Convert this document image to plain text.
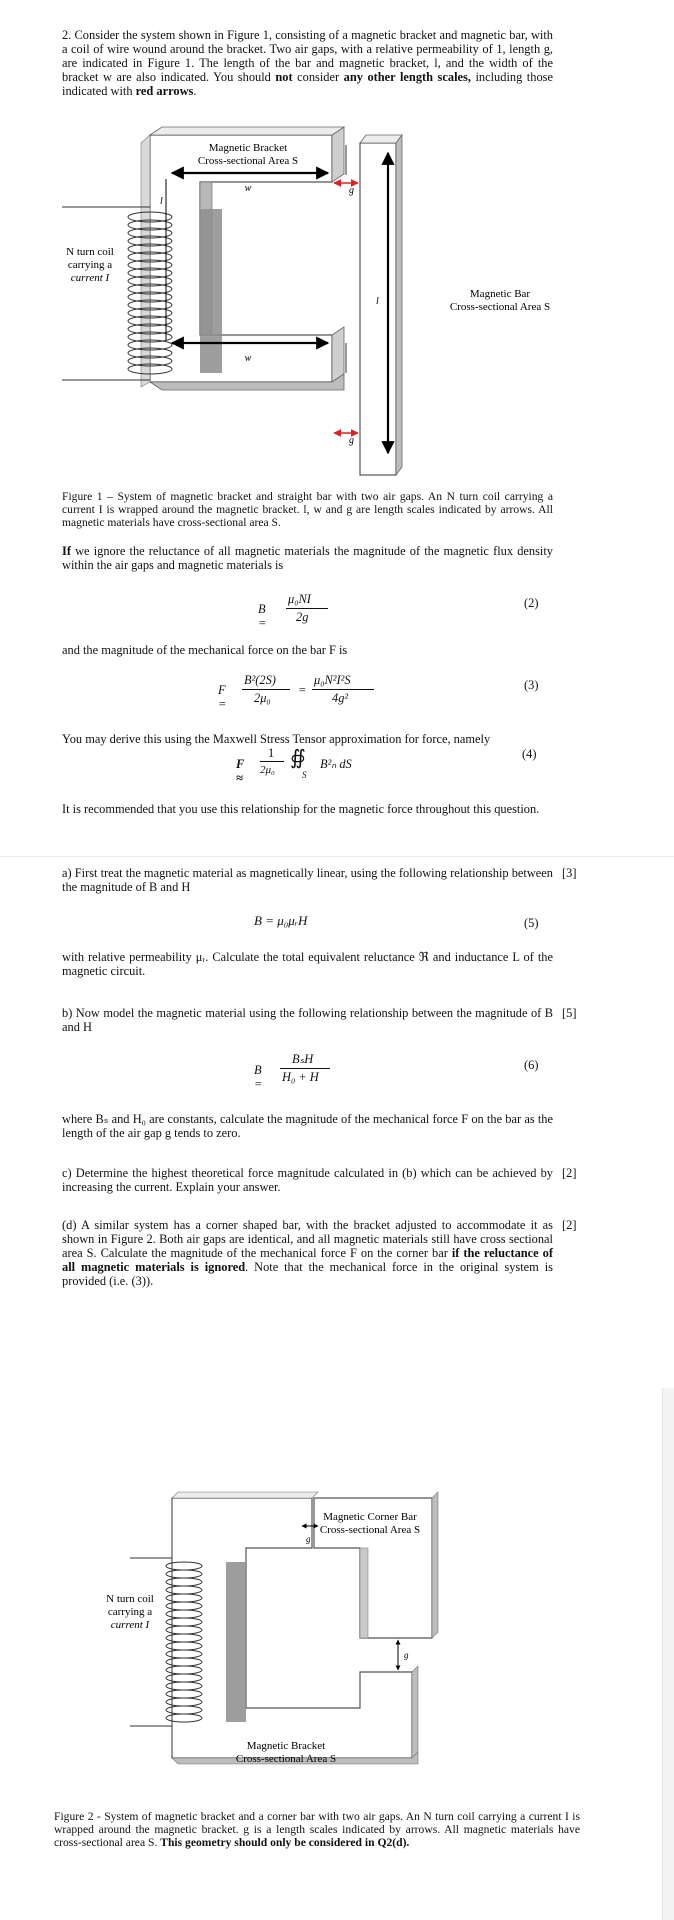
2. Consider the system shown in Figure 1, consisting of a magnetic bracket and magnetic bar, with a coil of wire wound around the bracket. Two air gaps, with a relative permeability of 1, length g, are indicated in Figure 1. The length of the bar and magnetic bracket, l, and the width of the bracket w are also indicated. You should not consider any other length scales, including those indicated with red arrows.
Magnetic Bracket
Cross-sectional Area S
w
w
g
g
l
l
Magnetic Bar
Cross-sectional Area S
N turn coil
carrying a
current I
Figure 1 – System of magnetic bracket and straight bar with two air gaps. An N turn coil carrying a current I is wrapped around the magnetic bracket. l, w and g are length scales indicated by arrows. All magnetic materials have cross-sectional area S.
If we ignore the reluctance of all magnetic materials the magnitude of the magnetic flux density within the air gaps and magnetic materials is
B =
μ₀NI
2g
(2)
and the magnitude of the mechanical force on the bar F is
F =
B²(2S)
2μ₀
=
μ₀N²I²S
4g²
(3)
You may derive this using the Maxwell Stress Tensor approximation for force, namely
(4)
F ≈
1
2μ₀
∯
S
B²ₙ dS
It is recommended that you use this relationship for the magnetic force throughout this question.
a) First treat the magnetic material as magnetically linear, using the following relationship between the magnitude of B and H
[3]
B = μ₀μᵣH	(5)
with relative permeability μᵣ. Calculate the total equivalent reluctance ℜ and inductance L of the magnetic circuit.
b) Now model the magnetic material using the following relationship between the magnitude of B and H
[5]
B =
BₛH
H₀ + H
(6)
where Bₛ and H₀ are constants, calculate the magnitude of the mechanical force F on the bar as the length of the air gap g tends to zero.
c) Determine the highest theoretical force magnitude calculated in (b) which can be achieved by increasing the current. Explain your answer.
[2]
(d) A similar system has a corner shaped bar, with the bracket adjusted to accommodate it as shown in Figure 2. Both air gaps are identical, and all magnetic materials still have cross sectional area S. Calculate the magnitude of the mechanical force F on the corner bar if the reluctance of all magnetic materials is ignored. Note that the mechanical force in the original system is provided (i.e. (3)).
[2]
Magnetic Corner Bar
Cross-sectional Area S
g
g
Magnetic Bracket
Cross-sectional Area S
N turn coil
carrying a
current I
Figure 2 - System of magnetic bracket and a corner bar with two air gaps. An N turn coil carrying a current I is wrapped around the magnetic bracket. g is a length scales indicated by arrows. All magnetic materials have cross-sectional area S. This geometry should only be considered in Q2(d).
